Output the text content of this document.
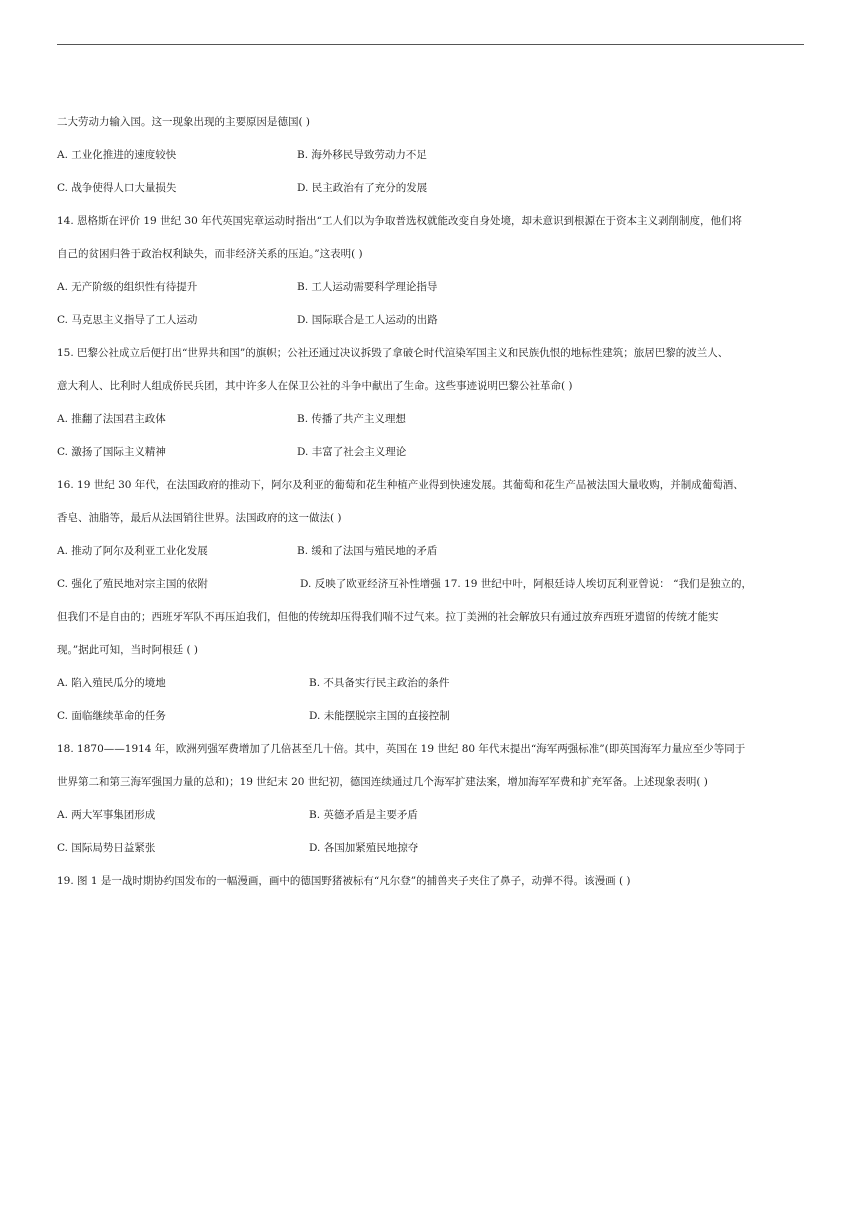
二大劳动力输入国。这一现象出现的主要原因是德国( )
A. 工业化推进的速度较快	B. 海外移民导致劳动力不足
C. 战争使得人口大量损失	D. 民主政治有了充分的发展
14. 恩格斯在评价 19 世纪 30 年代英国宪章运动时指出“工人们以为争取普选权就能改变自身处境，却未意识到根源在于资本主义剥削制度，他们将
自己的贫困归咎于政治权利缺失，而非经济关系的压迫。”这表明( )
A. 无产阶级的组织性有待提升	B. 工人运动需要科学理论指导
C. 马克思主义指导了工人运动	D. 国际联合是工人运动的出路
15. 巴黎公社成立后便打出“世界共和国”的旗帜；公社还通过决议拆毁了拿破仑时代渲染军国主义和民族仇恨的地标性建筑；旅居巴黎的波兰人、
意大利人、比利时人组成侨民兵团，其中许多人在保卫公社的斗争中献出了生命。这些事迹说明巴黎公社革命( )
A. 推翻了法国君主政体	B. 传播了共产主义理想
C. 激扬了国际主义精神	D. 丰富了社会主义理论
16. 19 世纪 30 年代，在法国政府的推动下，阿尔及利亚的葡萄和花生种植产业得到快速发展。其葡萄和花生产品被法国大量收购，并制成葡萄酒、
香皂、油脂等，最后从法国销往世界。法国政府的这一做法( )
A. 推动了阿尔及利亚工业化发展	B. 缓和了法国与殖民地的矛盾
C. 强化了殖民地对宗主国的依附	D. 反映了欧亚经济互补性增强 17. 19 世纪中叶，阿根廷诗人埃切瓦利亚曾说： “我们是独立的，
但我们不是自由的；西班牙军队不再压迫我们，但他的传统却压得我们喘不过气来。拉丁美洲的社会解放只有通过放弃西班牙遗留的传统才能实
现。”据此可知，当时阿根廷 ( )
A. 陷入殖民瓜分的境地	B. 不具备实行民主政治的条件
C. 面临继续革命的任务	D. 未能摆脱宗主国的直接控制
18. 1870——1914 年，欧洲列强军费增加了几倍甚至几十倍。其中，英国在 19 世纪 80 年代末提出“海军两强标准”(即英国海军力量应至少等同于
世界第二和第三海军强国力量的总和)；19 世纪末 20 世纪初，德国连续通过几个海军扩建法案，增加海军军费和扩充军备。上述现象表明( )
A. 两大军事集团形成	B. 英德矛盾是主要矛盾
C. 国际局势日益紧张	D. 各国加紧殖民地掠夺
19. 图 1 是一战时期协约国发布的一幅漫画，画中的德国野猪被标有“凡尔登”的捕兽夹子夹住了鼻子，动弹不得。该漫画 ( )
